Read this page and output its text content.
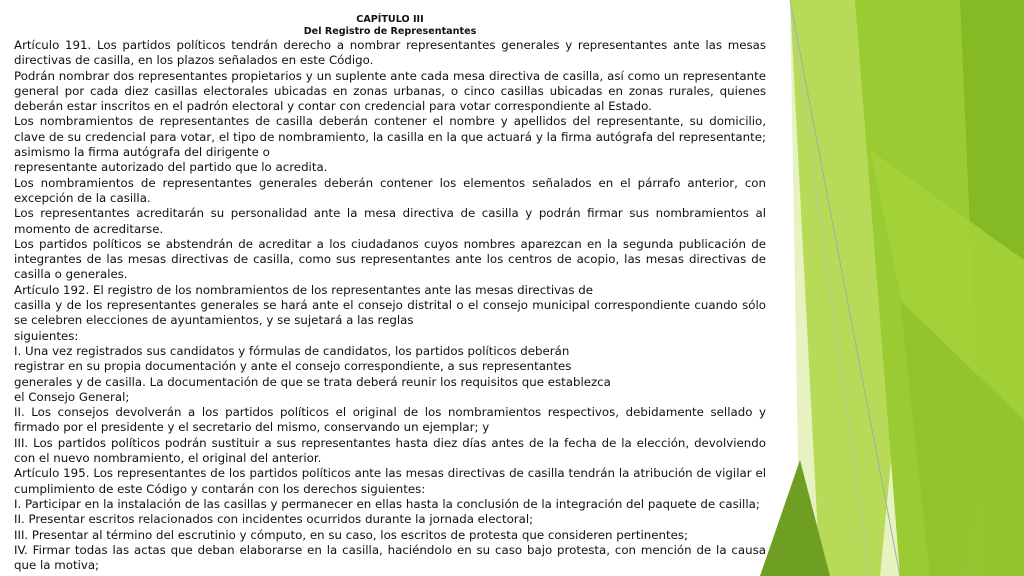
CAPÍTULO III
Del Registro de Representantes

Artículo 191. Los partidos políticos tendrán derecho a nombrar representantes generales y representantes ante las mesas directivas de casilla, en los plazos señalados en este Código.

Podrán nombrar dos representantes propietarios y un suplente ante cada mesa directiva de casilla, así como un representante general por cada diez casillas electorales ubicadas en zonas urbanas, o cinco casillas ubicadas en zonas rurales, quienes deberán estar inscritos en el padrón electoral y contar con credencial para votar correspondiente al Estado.

Los nombramientos de representantes de casilla deberán contener el nombre y apellidos del representante, su domicilio, clave de su credencial para votar, el tipo de nombramiento, la casilla en la que actuará y la firma autógrafa del representante; asimismo la firma autógrafa del dirigente o

representante autorizado del partido que lo acredita.

Los nombramientos de representantes generales deberán contener los elementos señalados en el párrafo anterior, con excepción de la casilla.

Los representantes acreditarán su personalidad ante la mesa directiva de casilla y podrán firmar sus nombramientos al momento de acreditarse.

Los partidos políticos se abstendrán de acreditar a los ciudadanos cuyos nombres aparezcan en la segunda publicación de integrantes de las mesas directivas de casilla, como sus representantes ante los centros de acopio, las mesas directivas de casilla o generales.

Artículo 192. El registro de los nombramientos de los representantes ante las mesas directivas de

casilla y de los representantes generales se hará ante el consejo distrital o el consejo municipal correspondiente cuando sólo se celebren elecciones de ayuntamientos, y se sujetará a las reglas

siguientes:

I. Una vez registrados sus candidatos y fórmulas de candidatos, los partidos políticos deberán

registrar en su propia documentación y ante el consejo correspondiente, a sus representantes

generales y de casilla. La documentación de que se trata deberá reunir los requisitos que establezca

el Consejo General;

II. Los consejos devolverán a los partidos políticos el original de los nombramientos respectivos, debidamente sellado y firmado por el presidente y el secretario del mismo, conservando un ejemplar; y

III. Los partidos políticos podrán sustituir a sus representantes hasta diez días antes de la fecha de la elección, devolviendo con el nuevo nombramiento, el original del anterior.

Artículo 195. Los representantes de los partidos políticos ante las mesas directivas de casilla tendrán la atribución de vigilar el cumplimiento de este Código y contarán con los derechos siguientes:

I. Participar en la instalación de las casillas y permanecer en ellas hasta la conclusión de la integración del paquete de casilla;

II. Presentar escritos relacionados con incidentes ocurridos durante la jornada electoral;

III. Presentar al término del escrutinio y cómputo, en su caso, los escritos de protesta que consideren pertinentes;

IV. Firmar todas las actas que deban elaborarse en la casilla, haciéndolo en su caso bajo protesta, con mención de la causa que la motiva;
